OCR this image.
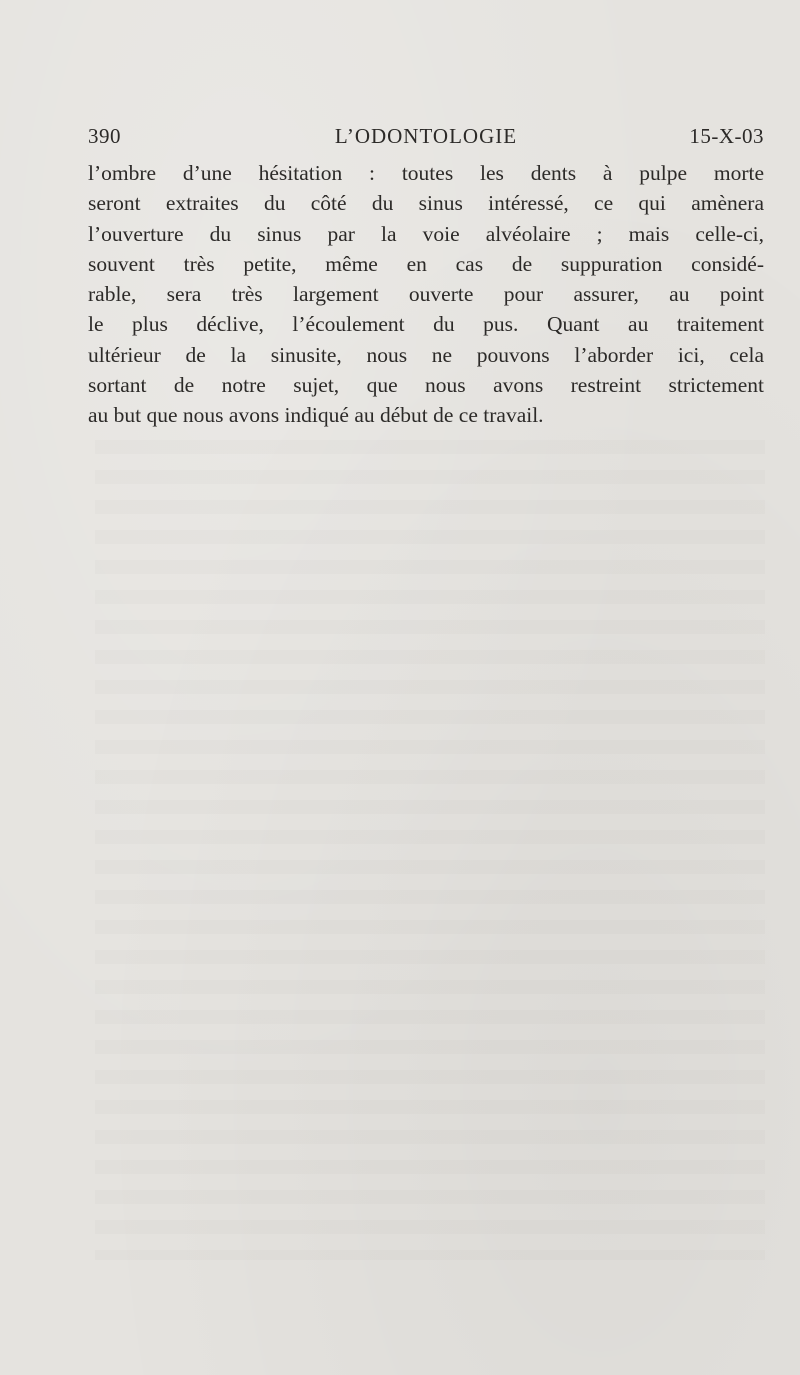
390	L’ODONTOLOGIE	15-X-03
l’ombre d’une hésitation : toutes les dents à pulpe morte
seront extraites du côté du sinus intéressé, ce qui amènera
l’ouverture du sinus par la voie alvéolaire ; mais celle-ci,
souvent très petite, même en cas de suppuration considé-
rable, sera très largement ouverte pour assurer, au point
le plus déclive, l’écoulement du pus. Quant au traitement
ultérieur de la sinusite, nous ne pouvons l’aborder ici, cela
sortant de notre sujet, que nous avons restreint strictement
au but que nous avons indiqué au début de ce travail.
